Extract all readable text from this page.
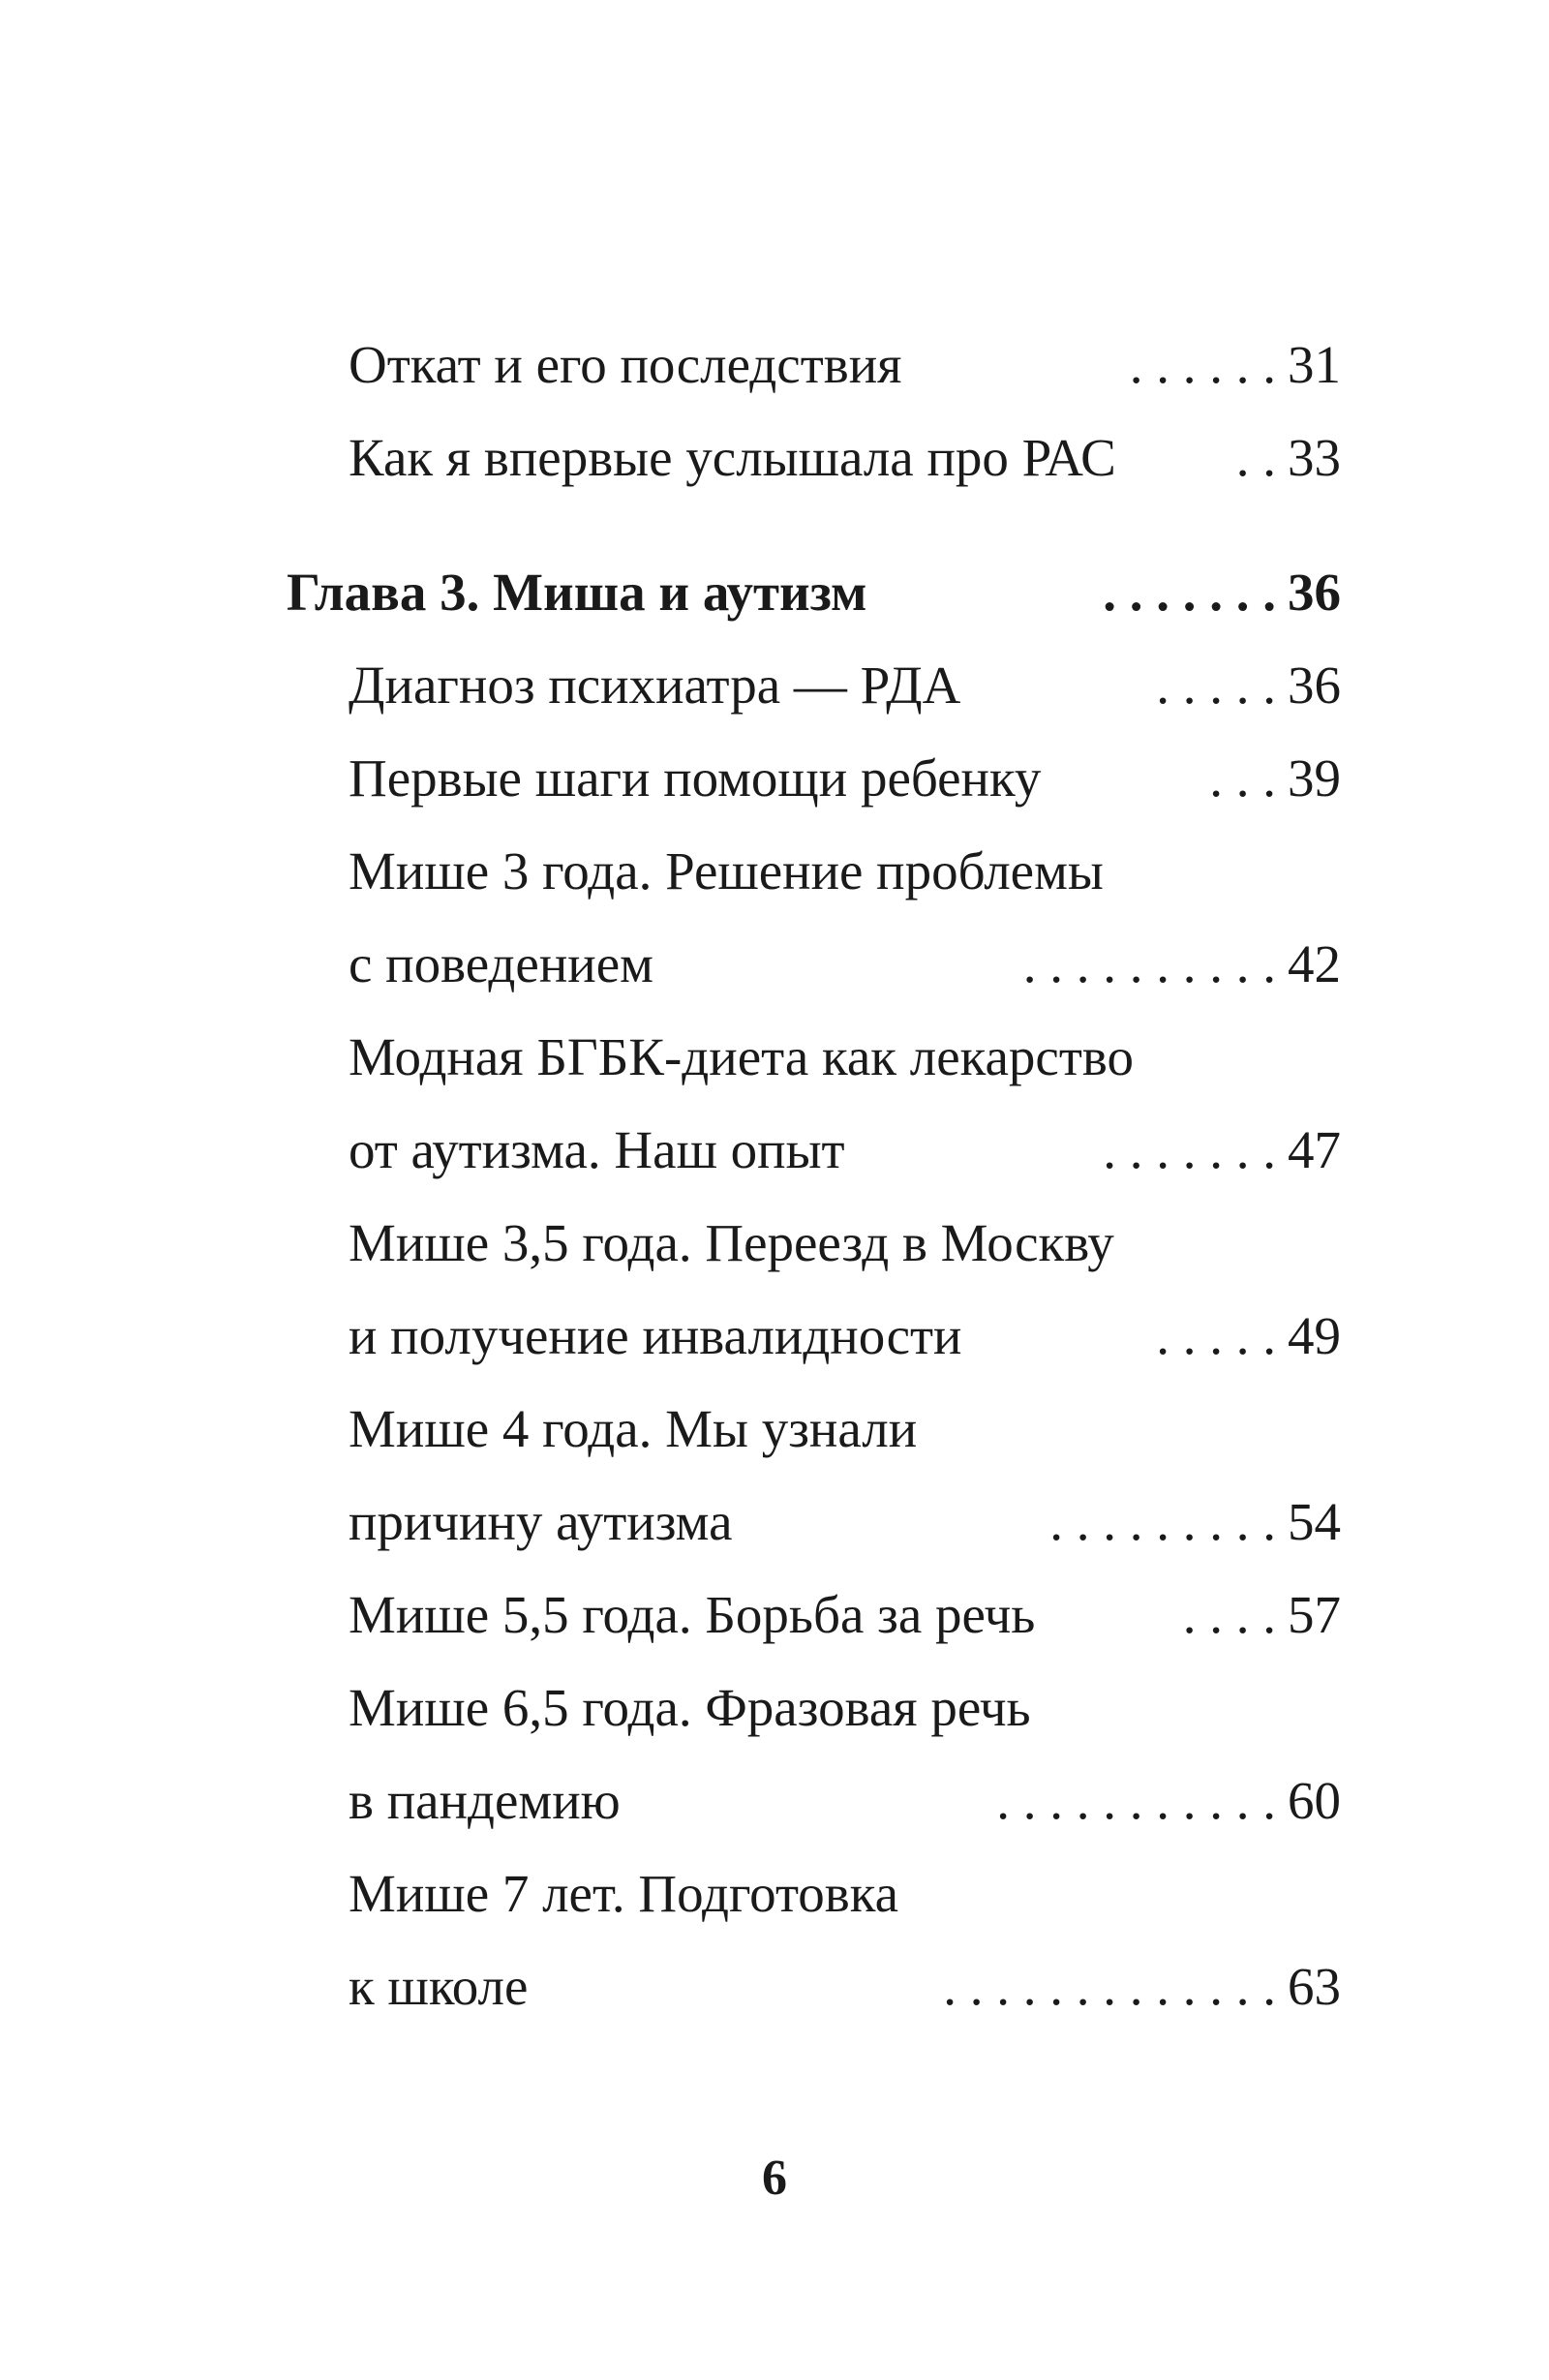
Откат и его последствия	. . . . . . 31
Как я впервые услышала про РАС	. . 33
Глава 3. Миша и аутизм	. . . . . . . 36
Диагноз психиатра — РДА	. . . . . 36
Первые шаги помощи ребенку	. . . 39
Мише 3 года. Решение проблемы
с поведением	. . . . . . . . . . 42
Модная БГБК-диета как лекарство
от аутизма. Наш опыт	. . . . . . . 47
Мише 3,5 года. Переезд в Москву
и получение инвалидности	. . . . . 49
Мише 4 года. Мы узнали
причину аутизма	. . . . . . . . . 54
Мише 5,5 года. Борьба за речь	. . . . 57
Мише 6,5 года. Фразовая речь
в пандемию	. . . . . . . . . . . 60
Мише 7 лет. Подготовка
к школе	. . . . . . . . . . . . . 63
6
